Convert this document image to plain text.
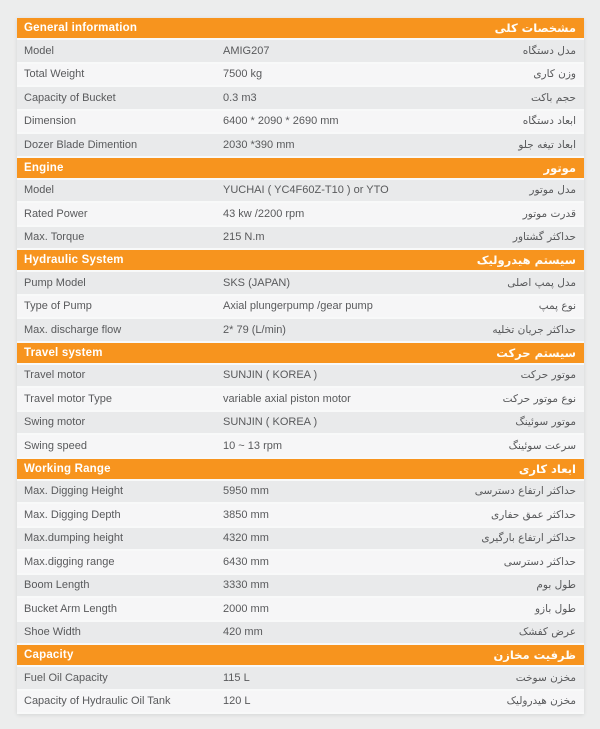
General information	مشخصات کلی
Model	AMIG207	مدل دستگاه
Total Weight	7500 kg	وزن کاری
Capacity of Bucket	0.3 m3	حجم باکت
Dimension	6400 * 2090 * 2690 mm	ابعاد دستگاه
Dozer Blade Dimention	2030 *390 mm	ابعاد تیغه جلو
Engine	موتور
Model	YUCHAI ( YC4F60Z-T10 ) or YTO	مدل موتور
Rated Power	43 kw /2200 rpm	قدرت موتور
Max. Torque	215 N.m	حداکثر گشتاور
Hydraulic System	سیستم هیدرولیک
Pump Model	SKS (JAPAN)	مدل پمپ اصلی
Type of Pump	Axial plungerpump /gear pump	نوع پمپ
Max. discharge flow	2* 79 (L/min)	حداکثر جریان تخلیه
Travel system	سیستم حرکت
Travel motor	SUNJIN ( KOREA )	موتور حرکت
Travel motor Type	variable axial piston motor	نوع موتور حرکت
Swing motor	SUNJIN ( KOREA )	موتور سوئینگ
Swing speed	10 ~ 13 rpm	سرعت سوئینگ
Working Range	ابعاد کاری
Max. Digging Height	5950 mm	حداکثر ارتفاع دسترسی
Max. Digging Depth	3850 mm	حداکثر عمق حفاری
Max.dumping height	4320 mm	حداکثر ارتفاع بارگیری
Max.digging range	6430 mm	حداکثر دسترسی
Boom Length	3330 mm	طول بوم
Bucket Arm Length	2000 mm	طول بازو
Shoe Width	420 mm	عرض کفشک
Capacity	ظرفیت مخازن
Fuel Oil Capacity	115 L	مخزن سوخت
Capacity of Hydraulic Oil Tank	120 L	مخزن هیدرولیک
